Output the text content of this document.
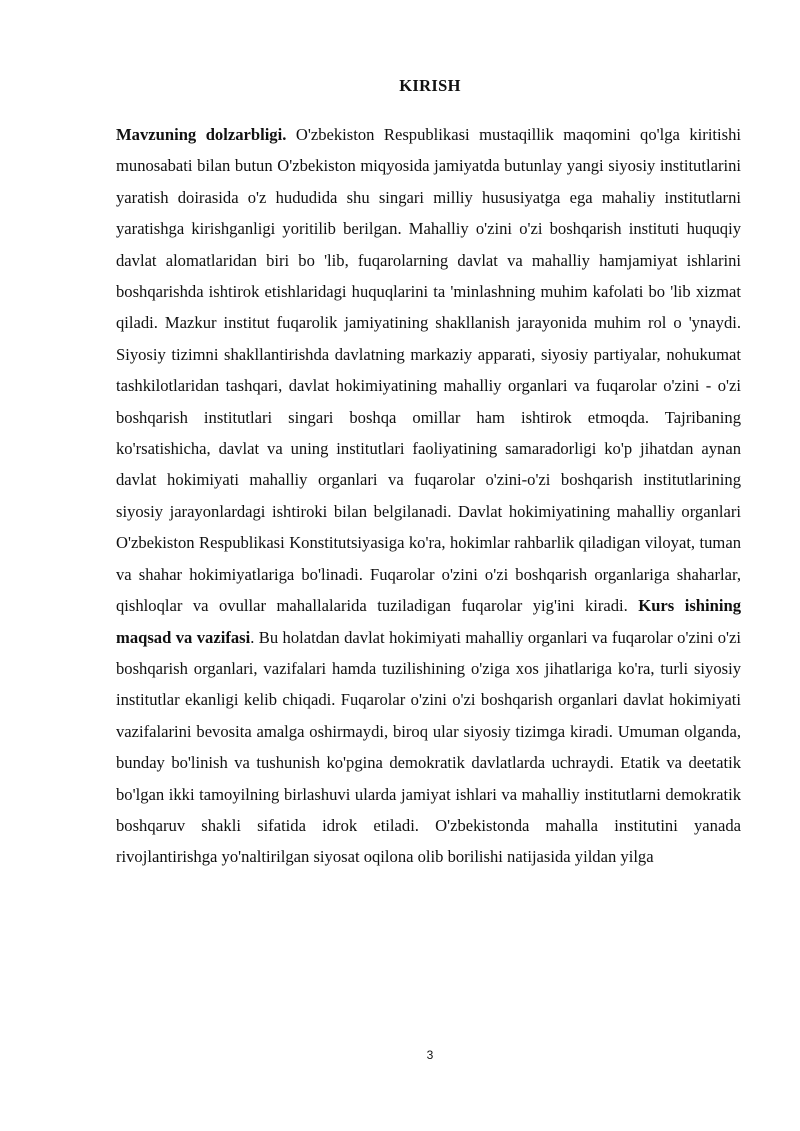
KIRISH
Mavzuning dolzarbligi. O'zbekiston Respublikasi mustaqillik maqomini qo'lga kiritishi munosabati bilan butun O'zbekiston miqyosida jamiyatda butunlay yangi siyosiy institutlarini yaratish doirasida o'z hududida shu singari milliy hususiyatga ega mahaliy institutlarni yaratishga kirishganligi yoritilib berilgan. Mahalliy o'zini o'zi boshqarish instituti huquqiy davlat alomatlaridan biri bo 'lib, fuqarolarning davlat va mahalliy hamjamiyat ishlarini boshqarishda ishtirok etishlaridagi huquqlarini ta 'minlashning muhim kafolati bo 'lib xizmat qiladi. Mazkur institut fuqarolik jamiyatining shakllanish jarayonida muhim rol o 'ynaydi. Siyosiy tizimni shakllantirishda davlatning markaziy apparati, siyosiy partiyalar, nohukumat tashkilotlaridan tashqari, davlat hokimiyatining mahalliy organlari va fuqarolar o'zini - o'zi boshqarish institutlari singari boshqa omillar ham ishtirok etmoqda. Tajribaning ko'rsatishicha, davlat va uning institutlari faoliyatining samaradorligi ko'p jihatdan aynan davlat hokimiyati mahalliy organlari va fuqarolar o'zini-o'zi boshqarish institutlarining siyosiy jarayonlardagi ishtiroki bilan belgilanadi. Davlat hokimiyatining mahalliy organlari O'zbekiston Respublikasi Konstitutsiyasiga ko'ra, hokimlar rahbarlik qiladigan viloyat, tuman va shahar hokimiyatlariga bo'linadi. Fuqarolar o'zini o'zi boshqarish organlariga shaharlar, qishloqlar va ovullar mahallalarida tuziladigan fuqarolar yig'ini kiradi. Kurs ishining maqsad va vazifasi. Bu holatdan davlat hokimiyati mahalliy organlari va fuqarolar o'zini o'zi boshqarish organlari, vazifalari hamda tuzilishining o'ziga xos jihatlariga ko'ra, turli siyosiy institutlar ekanligi kelib chiqadi. Fuqarolar o'zini o'zi boshqarish organlari davlat hokimiyati vazifalarini bevosita amalga oshirmaydi, biroq ular siyosiy tizimga kiradi. Umuman olganda, bunday bo'linish va tushunish ko'pgina demokratik davlatlarda uchraydi. Etatik va deetatik bo'lgan ikki tamoyilning birlashuvi ularda jamiyat ishlari va mahalliy institutlarni demokratik boshqaruv shakli sifatida idrok etiladi. O'zbekistonda mahalla institutini yanada rivojlantirishga yo'naltirilgan siyosat oqilona olib borilishi natijasida yildan yilga
3
